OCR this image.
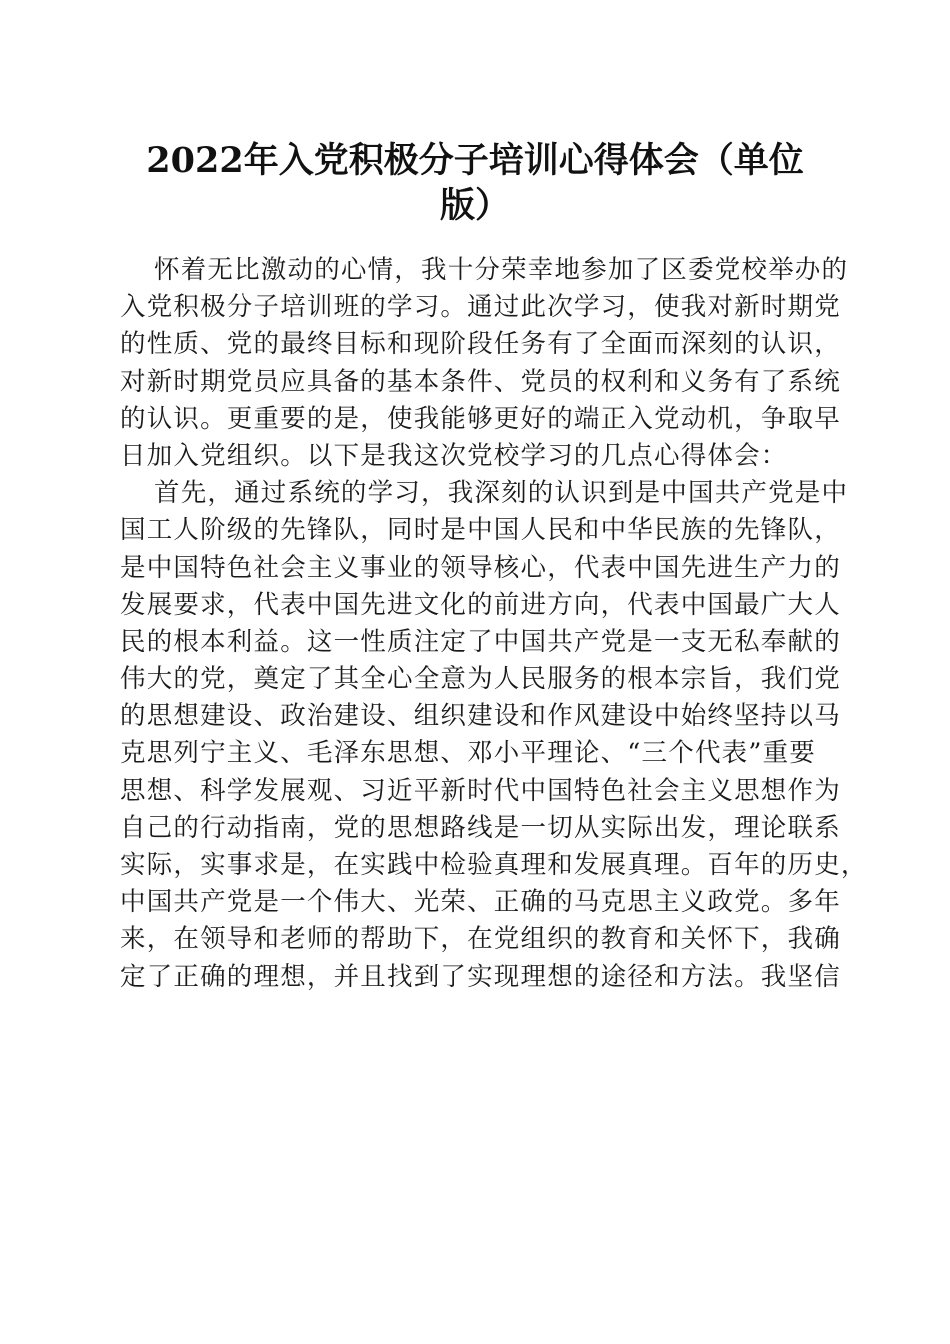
2022年入党积极分子培训心得体会（单位
版）
怀着无比激动的心情，我十分荣幸地参加了区委党校举办的
入党积极分子培训班的学习。通过此次学习，使我对新时期党
的性质、党的最终目标和现阶段任务有了全面而深刻的认识，
对新时期党员应具备的基本条件、党员的权利和义务有了系统
的认识。更重要的是，使我能够更好的端正入党动机，争取早
日加入党组织。以下是我这次党校学习的几点心得体会：
首先，通过系统的学习，我深刻的认识到是中国共产党是中
国工人阶级的先锋队，同时是中国人民和中华民族的先锋队，
是中国特色社会主义事业的领导核心，代表中国先进生产力的
发展要求，代表中国先进文化的前进方向，代表中国最广大人
民的根本利益。这一性质注定了中国共产党是一支无私奉献的
伟大的党，奠定了其全心全意为人民服务的根本宗旨，我们党
的思想建设、政治建设、组织建设和作风建设中始终坚持以马
克思列宁主义、毛泽东思想、邓小平理论、“三个代表”重要
思想、科学发展观、习近平新时代中国特色社会主义思想作为
自己的行动指南，党的思想路线是一切从实际出发，理论联系
实际，实事求是，在实践中检验真理和发展真理。百年的历史，
中国共产党是一个伟大、光荣、正确的马克思主义政党。多年
来，在领导和老师的帮助下，在党组织的教育和关怀下，我确
定了正确的理想，并且找到了实现理想的途径和方法。我坚信
